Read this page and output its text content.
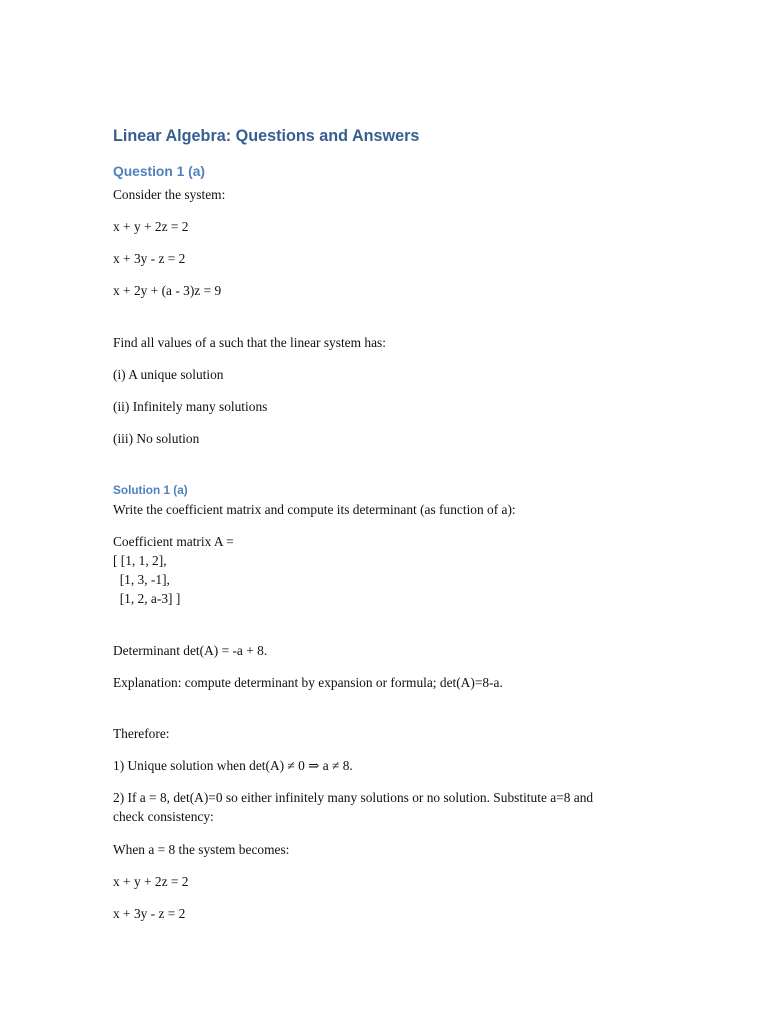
Linear Algebra: Questions and Answers
Question 1 (a)

Consider the system:

x + y + 2z = 2

x + 3y - z = 2

x + 2y + (a - 3)z = 9

Find all values of a such that the linear system has:

(i) A unique solution

(ii) Infinitely many solutions

(iii) No solution

Solution 1 (a)

Write the coefficient matrix and compute its determinant (as function of a):

Coefficient matrix A =

[ [1, 1, 2],

[1, 3, -1],

[1, 2, a-3] ]

Determinant det(A) = -a + 8.

Explanation: compute determinant by expansion or formula; det(A)=8-a.

Therefore:

1) Unique solution when det(A) ≠ 0 ⇒ a ≠ 8.

2) If a = 8, det(A)=0 so either infinitely many solutions or no solution. Substitute a=8 and

check consistency:

When a = 8 the system becomes:

x + y + 2z = 2

x + 3y - z = 2
